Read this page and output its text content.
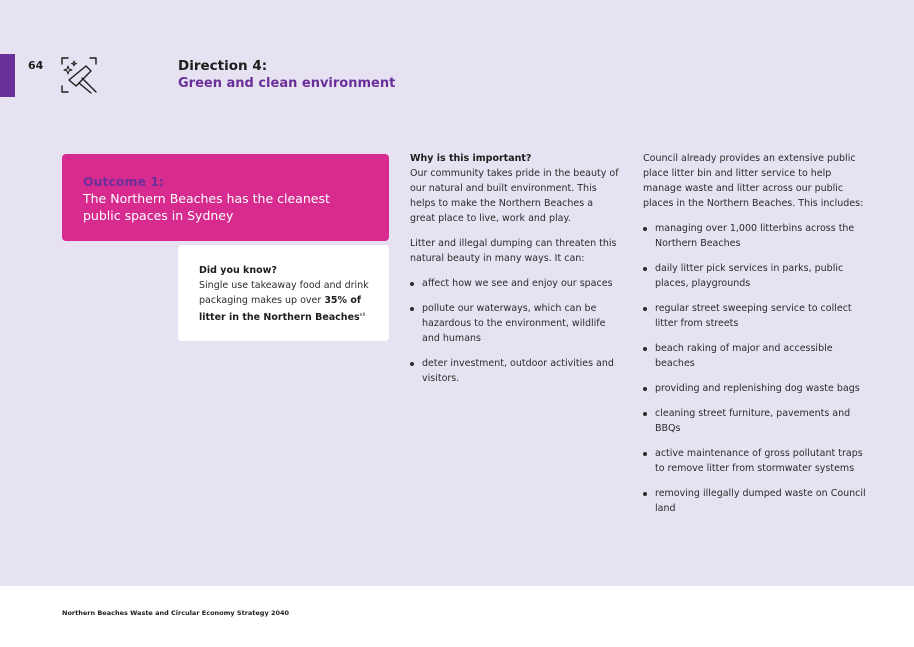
64	Direction 4:
Green and clean environment
Outcome 1:
The Northern Beaches has the cleanest public spaces in Sydney
Did you know?
Single use takeaway food and drink packaging makes up over 35% of litter in the Northern Beaches$^{xii}$
Why is this important?

Our community takes pride in the beauty of our natural and built environment. This helps to make the Northern Beaches a great place to live, work and play.

Litter and illegal dumping can threaten this natural beauty in many ways. It can:

affect how we see and enjoy our spaces
pollute our waterways, which can be hazardous to the environment, wildlife and humans
deter investment, outdoor activities and visitors.

Council already provides an extensive public place litter bin and litter service to help manage waste and litter across our public places in the Northern Beaches. This includes:

managing over 1,000 litterbins across the Northern Beaches
daily litter pick services in parks, public places, playgrounds
regular street sweeping service to collect litter from streets
beach raking of major and accessible beaches
providing and replenishing dog waste bags
cleaning street furniture, pavements and BBQs
active maintenance of gross pollutant traps to remove litter from stormwater systems
removing illegally dumped waste on Council land
Northern Beaches Waste and Circular Economy Strategy 2040
